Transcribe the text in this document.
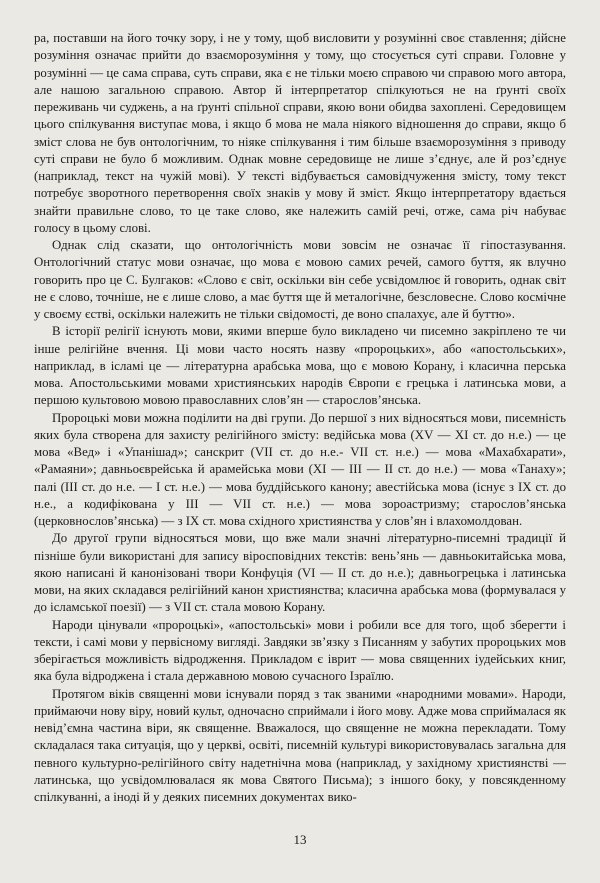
ра, поставши на його точку зору, і не у тому, щоб висловити у розумінні своє ставлення; дійсне розуміння означає прийти до взаєморозуміння у тому, що стосується суті справи. Головне у розумінні — це сама справа, суть справи, яка є не тільки моєю справою чи справою мого автора, але нашою загальною справою. Автор й інтерпретатор спілкуються не на ґрунті своїх переживань чи суджень, а на ґрунті спільної справи, якою вони обидва захоплені. Середовищем цього спілкування виступає мова, і якщо б мова не мала ніякого відношення до справи, якщо б зміст слова не був онтологічним, то ніяке спілкування і тим більше взаєморозуміння з приводу суті справи не було б можливим. Однак мовне середовище не лише з’єднує, але й роз’єднує (наприклад, текст на чужій мові). У тексті відбувається самовідчуження змісту, тому текст потребує зворотного перетворення своїх знаків у мову й зміст. Якщо інтерпретатору вдається знайти правильне слово, то це таке слово, яке належить самій речі, отже, сама річ набуває голосу в цьому слові.

Однак слід сказати, що онтологічність мови зовсім не означає її гіпостазування. Онтологічний статус мови означає, що мова є мовою самих речей, самого буття, як влучно говорить про це С. Булгаков: «Слово є світ, оскільки він себе усвідомлює й говорить, однак світ не є слово, точніше, не є лише слово, а має буття ще й металогічне, безсловесне. Слово космічне у своєму єстві, оскільки належить не тільки свідомості, де воно спалахує, але й буттю».

В історії релігії існують мови, якими вперше було викладено чи писемно закріплено те чи інше релігійне вчення. Ці мови часто носять назву «пророцьких», або «апостольських», наприклад, в ісламі це — літературна арабська мова, що є мовою Корану, і класична перська мова. Апостольськими мовами християнських народів Європи є грецька і латинська мови, а першою культовою мовою православних слов’ян — старослов’янська.

Пророцькі мови можна поділити на дві групи. До першої з них відносяться мови, писемність яких була створена для захисту релігійного змісту: ведійська мова (XV — XI ст. до н.е.) — це мова «Вед» і «Упанішад»; санскрит (VII ст. до н.е.- VII ст. н.е.) — мова «Махабхарати», «Рамаяни»; давньоєврейська й арамейська мови (XI — III — II ст. до н.е.) — мова «Танаху»; палі (III ст. до н.е. — I ст. н.е.) — мова буддійського канону; авестійська мова (існує з IX ст. до н.е., а кодифікована у III — VII ст. н.е.) — мова зороастризму; старослов’янська (церковнослов’янська) — з IX ст. мова східного християнства у слов’ян і влахомолдован.

До другої групи відносяться мови, що вже мали значні літературно-писемні традиції й пізніше були використані для запису віросповідних текстів: вень’янь — давньокитайська мова, якою написані й канонізовані твори Конфуція (VI — II ст. до н.е.); давньогрецька і латинська мови, на яких складався релігійний канон християнства; класична арабська мова (формувалася у до ісламської поезії) — з VII ст. стала мовою Корану.

Народи цінували «пророцькі», «апостольські» мови і робили все для того, щоб зберегти і тексти, і самі мови у первісному вигляді. Завдяки зв’язку з Писанням у забутих пророцьких мов зберігається можливість відродження. Прикладом є іврит — мова священних іудейських книг, яка була відроджена і стала державною мовою сучасного Ізраїлю.

Протягом віків священні мови існували поряд з так званими «народними мовами». Народи, приймаючи нову віру, новий культ, одночасно сприймали і його мову. Адже мова сприймалася як невід’ємна частина віри, як священне. Вважалося, що священне не можна перекладати. Тому складалася така ситуація, що у церкві, освіті, писемній культурі використовувалась загальна для певного культурно-релігійного світу надетнічна мова (наприклад, у західному християнстві — латинська, що усвідомлювалася як мова Святого Письма); з іншого боку, у повсякденному спілкуванні, а іноді й у деяких писемних документах вико-

13
